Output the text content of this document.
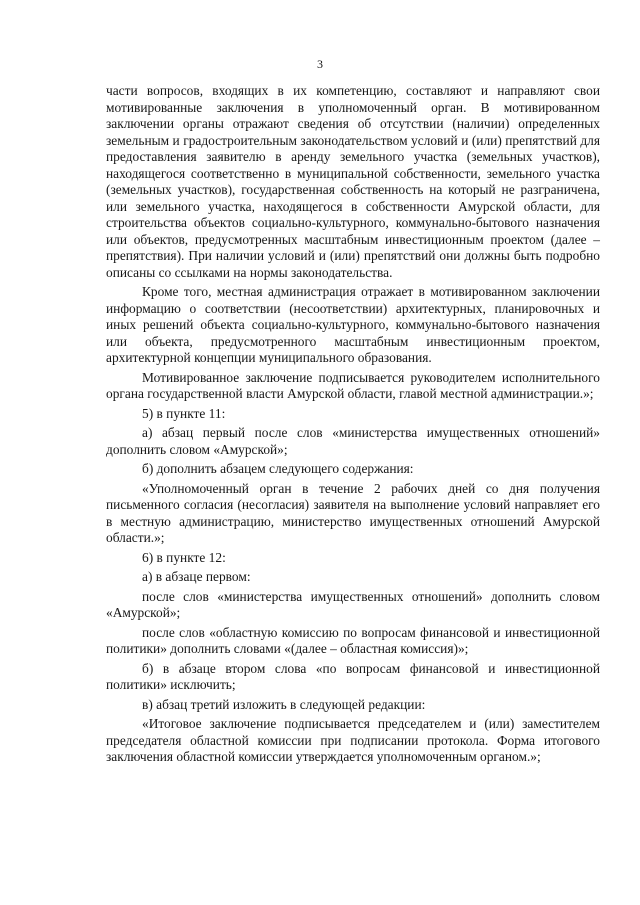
3

части вопросов, входящих в их компетенцию, составляют и направляют свои мотивированные заключения в уполномоченный орган. В мотивированном заключении органы отражают сведения об отсутствии (наличии) определенных земельным и градостроительным законодательством условий и (или) препятствий для предоставления заявителю в аренду земельного участка (земельных участков), находящегося соответственно в муниципальной собственности, земельного участка (земельных участков), государственная собственность на который не разграничена, или земельного участка, находящегося в собственности Амурской области, для строительства объектов социально-культурного, коммунально-бытового назначения или объектов, предусмотренных масштабным инвестиционным проектом (далее – препятствия). При наличии условий и (или) препятствий они должны быть подробно описаны со ссылками на нормы законодательства.

Кроме того, местная администрация отражает в мотивированном заключении информацию о соответствии (несоответствии) архитектурных, планировочных и иных решений объекта социально-культурного, коммунально-бытового назначения или объекта, предусмотренного масштабным инвестиционным проектом, архитектурной концепции муниципального образования.

Мотивированное заключение подписывается руководителем исполнительного органа государственной власти Амурской области, главой местной администрации.»;

5) в пункте 11:

а) абзац первый после слов «министерства имущественных отношений» дополнить словом «Амурской»;

б) дополнить абзацем следующего содержания:

«Уполномоченный орган в течение 2 рабочих дней со дня получения письменного согласия (несогласия) заявителя на выполнение условий направляет его в местную администрацию, министерство имущественных отношений Амурской области.»;

6) в пункте 12:

а) в абзаце первом:

после слов «министерства имущественных отношений» дополнить словом «Амурской»;

после слов «областную комиссию по вопросам финансовой и инвестиционной политики» дополнить словами «(далее – областная комиссия)»;

б) в абзаце втором слова «по вопросам финансовой и инвестиционной политики» исключить;

в) абзац третий изложить в следующей редакции:

«Итоговое заключение подписывается председателем и (или) заместителем председателя областной комиссии при подписании протокола. Форма итогового заключения областной комиссии утверждается уполномоченным органом.»;
